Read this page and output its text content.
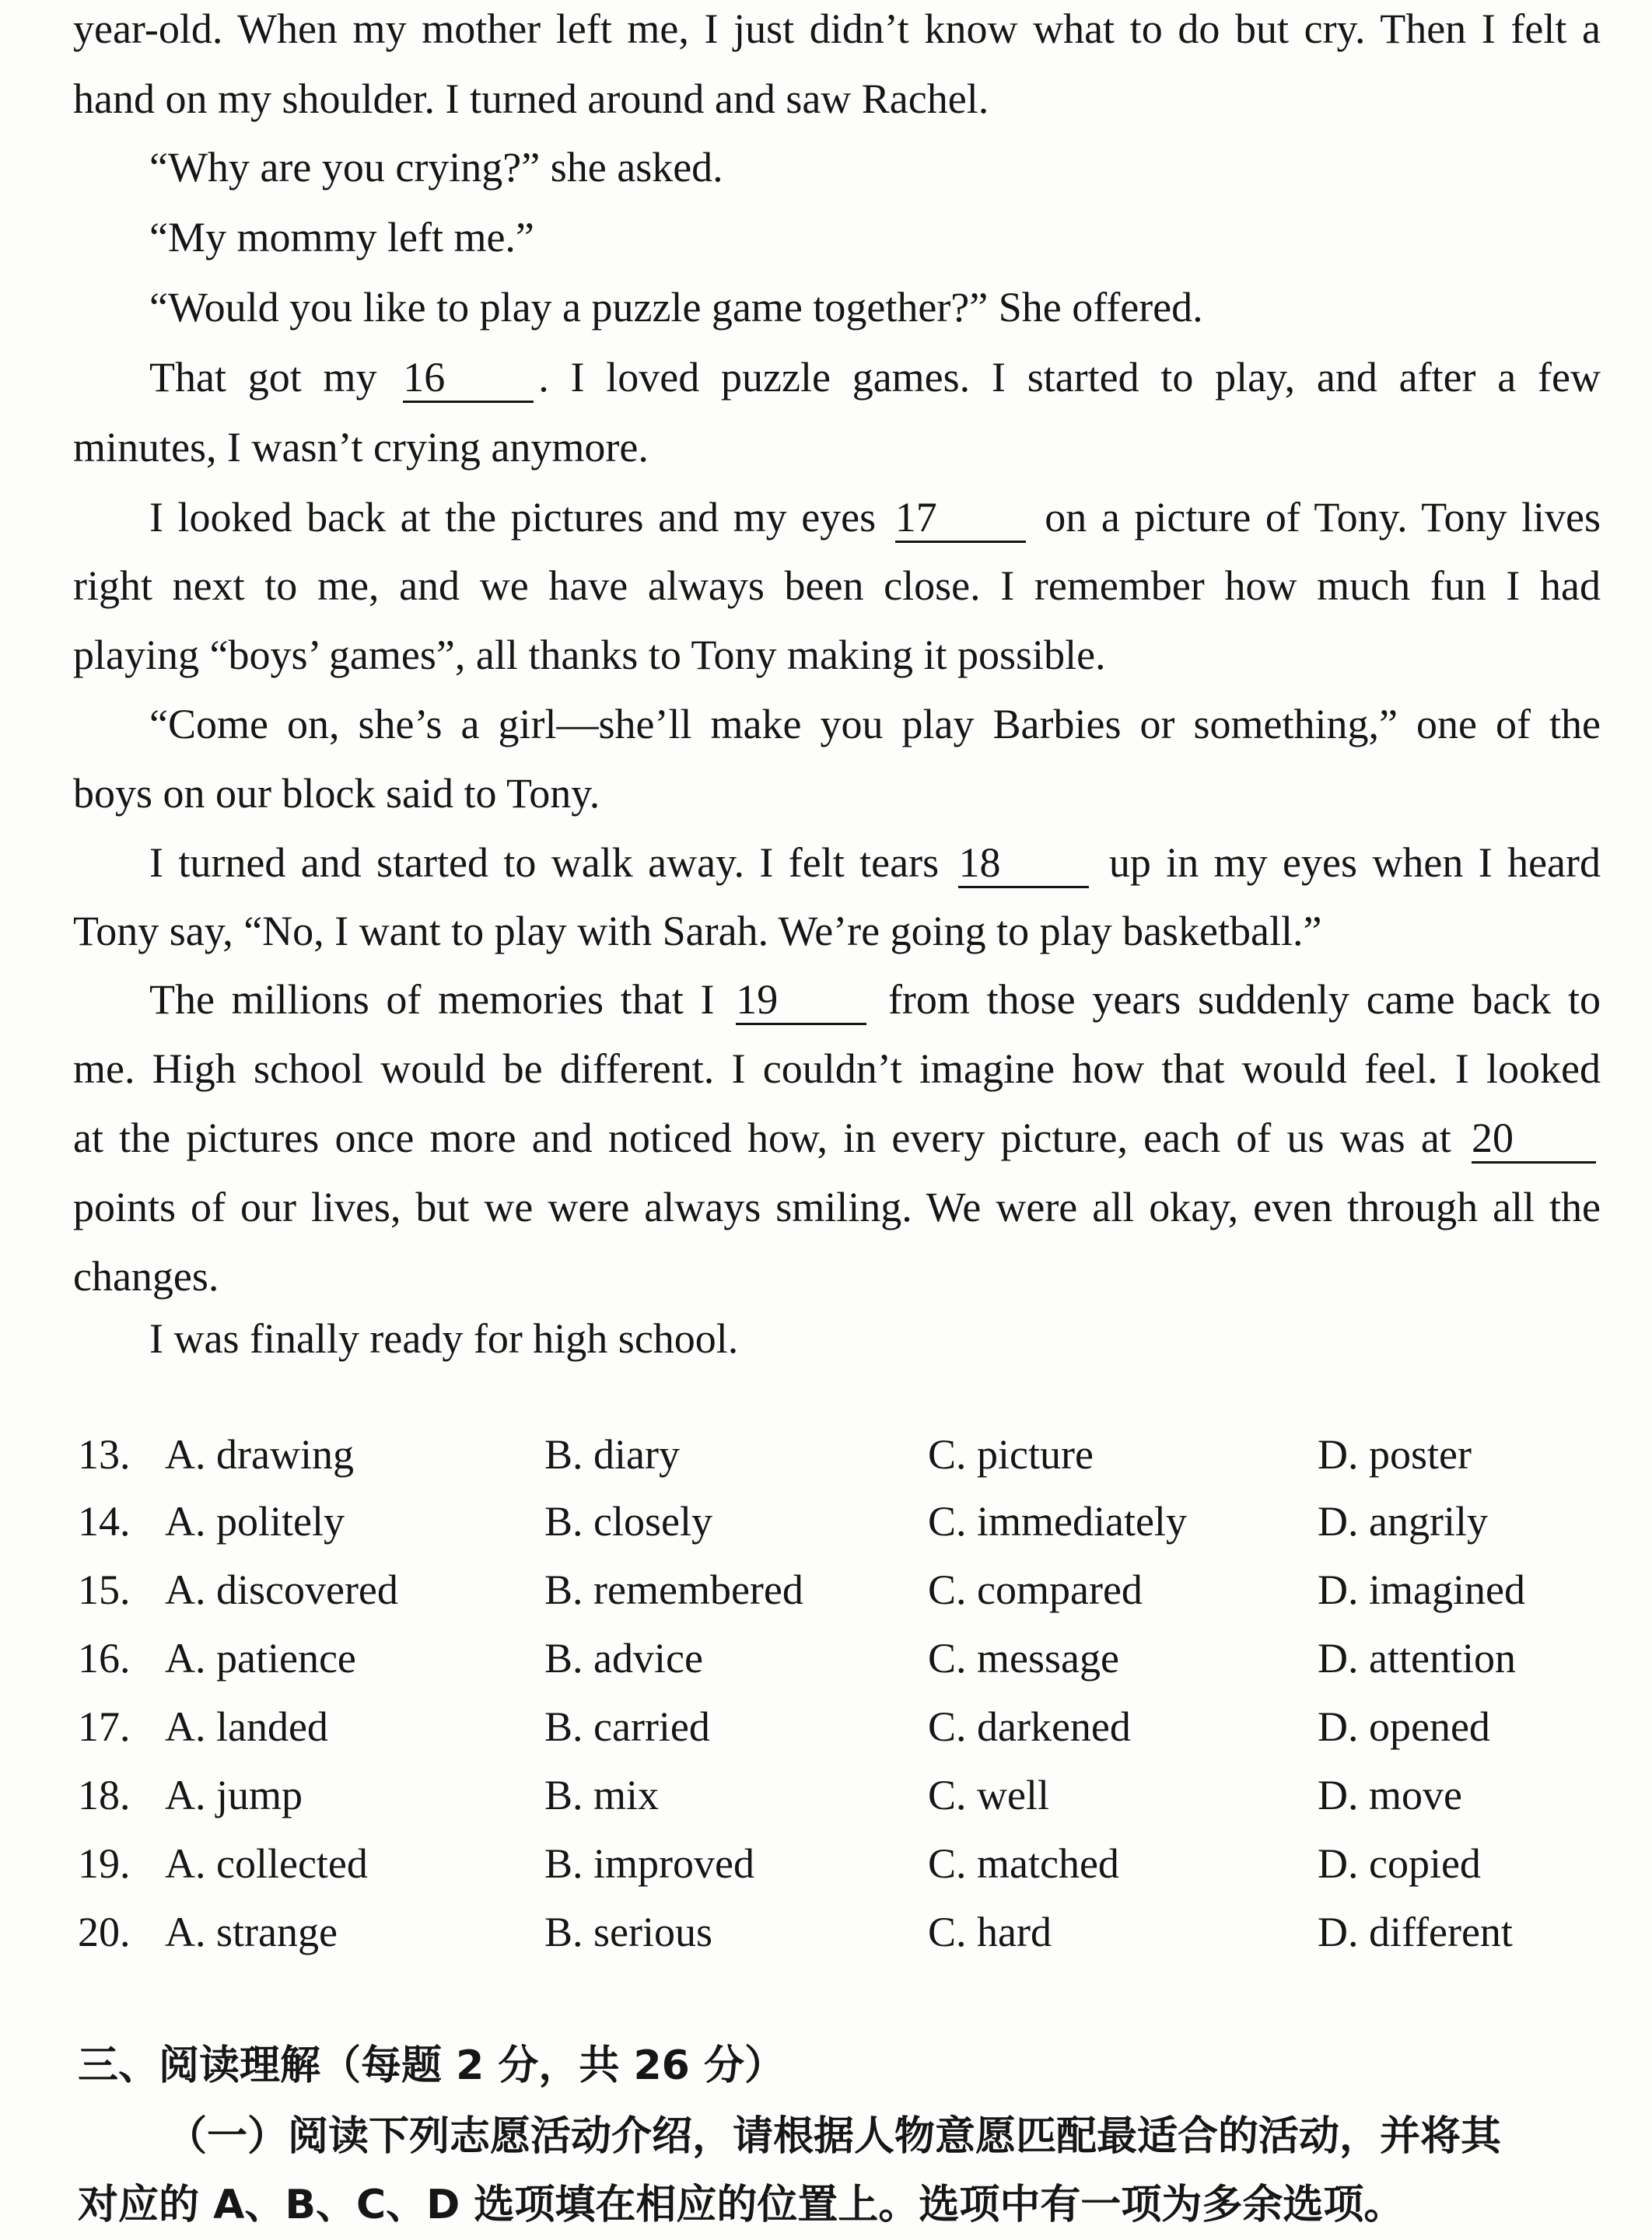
year-old. When my mother left me, I just didn’t know what to do but cry. Then I felt a
hand on my shoulder. I turned around and saw Rachel.
“Why are you crying?” she asked.
“My mommy left me.”
“Would you like to play a puzzle game together?” She offered.
That got my 16 . I loved puzzle games. I started to play, and after a few
minutes, I wasn’t crying anymore.
I looked back at the pictures and my eyes 17	on a picture of Tony. Tony lives
right next to me, and we have always been close. I remember how much fun I had
playing “boys’ games”, all thanks to Tony making it possible.
“Come on, she’s a girl—she’ll make you play Barbies or something,” one of the
boys on our block said to Tony.
I turned and started to walk away. I felt tears 18	up in my eyes when I heard
Tony say, “No, I want to play with Sarah. We’re going to play basketball.”
The millions of memories that I 19	from those years suddenly came back to
me. High school would be different. I couldn’t imagine how that would feel. I looked
at the pictures once more and noticed how, in every picture, each of us was at 20
points of our lives, but we were always smiling. We were all okay, even through all the
changes.
I was finally ready for high school.
13. A. drawing	B. diary	C. picture	D. poster
14. A. politely	B. closely	C. immediately	D. angrily
15. A. discovered	B. remembered	C. compared	D. imagined
16. A. patience	B. advice	C. message	D. attention
17. A. landed	B. carried	C. darkened	D. opened
18. A. jump	B. mix	C. well	D. move
19. A. collected	B. improved	C. matched	D. copied
20. A. strange	B. serious	C. hard	D. different
三、阅读理解（每题 2 分，共 26 分）
（一）阅读下列志愿活动介绍，请根据人物意愿匹配最适合的活动，并将其
对应的 A、B、C、D 选项填在相应的位置上。选项中有一项为多余选项。
